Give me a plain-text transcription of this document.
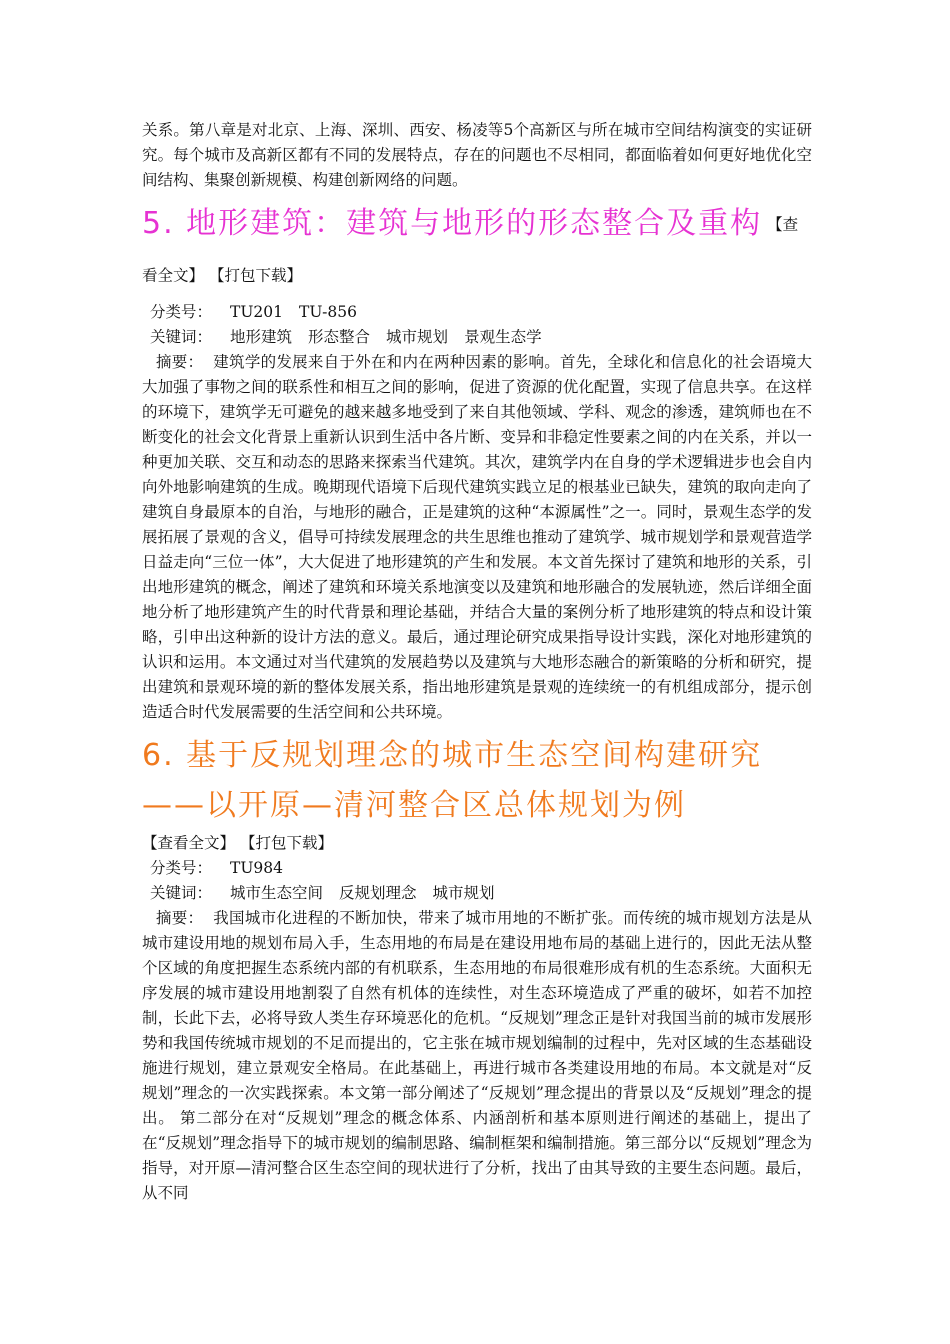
关系。第八章是对北京、上海、深圳、西安、杨凌等5个高新区与所在城市空间结构演变的实证研究。每个城市及高新区都有不同的发展特点，存在的问题也不尽相同，都面临着如何更好地优化空间结构、集聚创新规模、构建创新网络的问题。

5. 地形建筑：建筑与地形的形态整合及重构 【查看全文】 【打包下载】

分类号： TU201 TU-856

关键词： 地形建筑 形态整合 城市规划 景观生态学

摘要： 建筑学的发展来自于外在和内在两种因素的影响。首先，全球化和信息化的社会语境大大加强了事物之间的联系性和相互之间的影响，促进了资源的优化配置，实现了信息共享。在这样的环境下，建筑学无可避免的越来越多地受到了来自其他领域、学科、观念的渗透，建筑师也在不断变化的社会文化背景上重新认识到生活中各片断、变异和非稳定性要素之间的内在关系，并以一种更加关联、交互和动态的思路来探索当代建筑。其次，建筑学内在自身的学术逻辑进步也会自内向外地影响建筑的生成。晚期现代语境下后现代建筑实践立足的根基业已缺失，建筑的取向走向了建筑自身最原本的自治，与地形的融合，正是建筑的这种“本源属性”之一。同时，景观生态学的发展拓展了景观的含义，倡导可持续发展理念的共生思维也推动了建筑学、城市规划学和景观营造学日益走向“三位一体”，大大促进了地形建筑的产生和发展。本文首先探讨了建筑和地形的关系，引出地形建筑的概念，阐述了建筑和环境关系地演变以及建筑和地形融合的发展轨迹，然后详细全面地分析了地形建筑产生的时代背景和理论基础，并结合大量的案例分析了地形建筑的特点和设计策略，引申出这种新的设计方法的意义。最后，通过理论研究成果指导设计实践，深化对地形建筑的认识和运用。本文通过对当代建筑的发展趋势以及建筑与大地形态融合的新策略的分析和研究，提出建筑和景观环境的新的整体发展关系，指出地形建筑是景观的连续统一的有机组成部分，提示创造适合时代发展需要的生活空间和公共环境。

6. 基于反规划理念的城市生态空间构建研究——以开原—清河整合区总体规划为例

【查看全文】 【打包下载】

分类号： TU984

关键词： 城市生态空间 反规划理念 城市规划

摘要： 我国城市化进程的不断加快，带来了城市用地的不断扩张。而传统的城市规划方法是从城市建设用地的规划布局入手，生态用地的布局是在建设用地布局的基础上进行的，因此无法从整个区域的角度把握生态系统内部的有机联系，生态用地的布局很难形成有机的生态系统。大面积无序发展的城市建设用地割裂了自然有机体的连续性，对生态环境造成了严重的破坏，如若不加控制，长此下去，必将导致人类生存环境恶化的危机。“反规划”理念正是针对我国当前的城市发展形势和我国传统城市规划的不足而提出的，它主张在城市规划编制的过程中，先对区域的生态基础设施进行规划，建立景观安全格局。在此基础上，再进行城市各类建设用地的布局。本文就是对“反规划”理念的一次实践探索。本文第一部分阐述了“反规划”理念提出的背景以及“反规划”理念的提出。 第二部分在对“反规划”理念的概念体系、内涵剖析和基本原则进行阐述的基础上，提出了在“反规划”理念指导下的城市规划的编制思路、编制框架和编制措施。第三部分以“反规划”理念为指导，对开原—清河整合区生态空间的现状进行了分析，找出了由其导致的主要生态问题。最后，从不同
